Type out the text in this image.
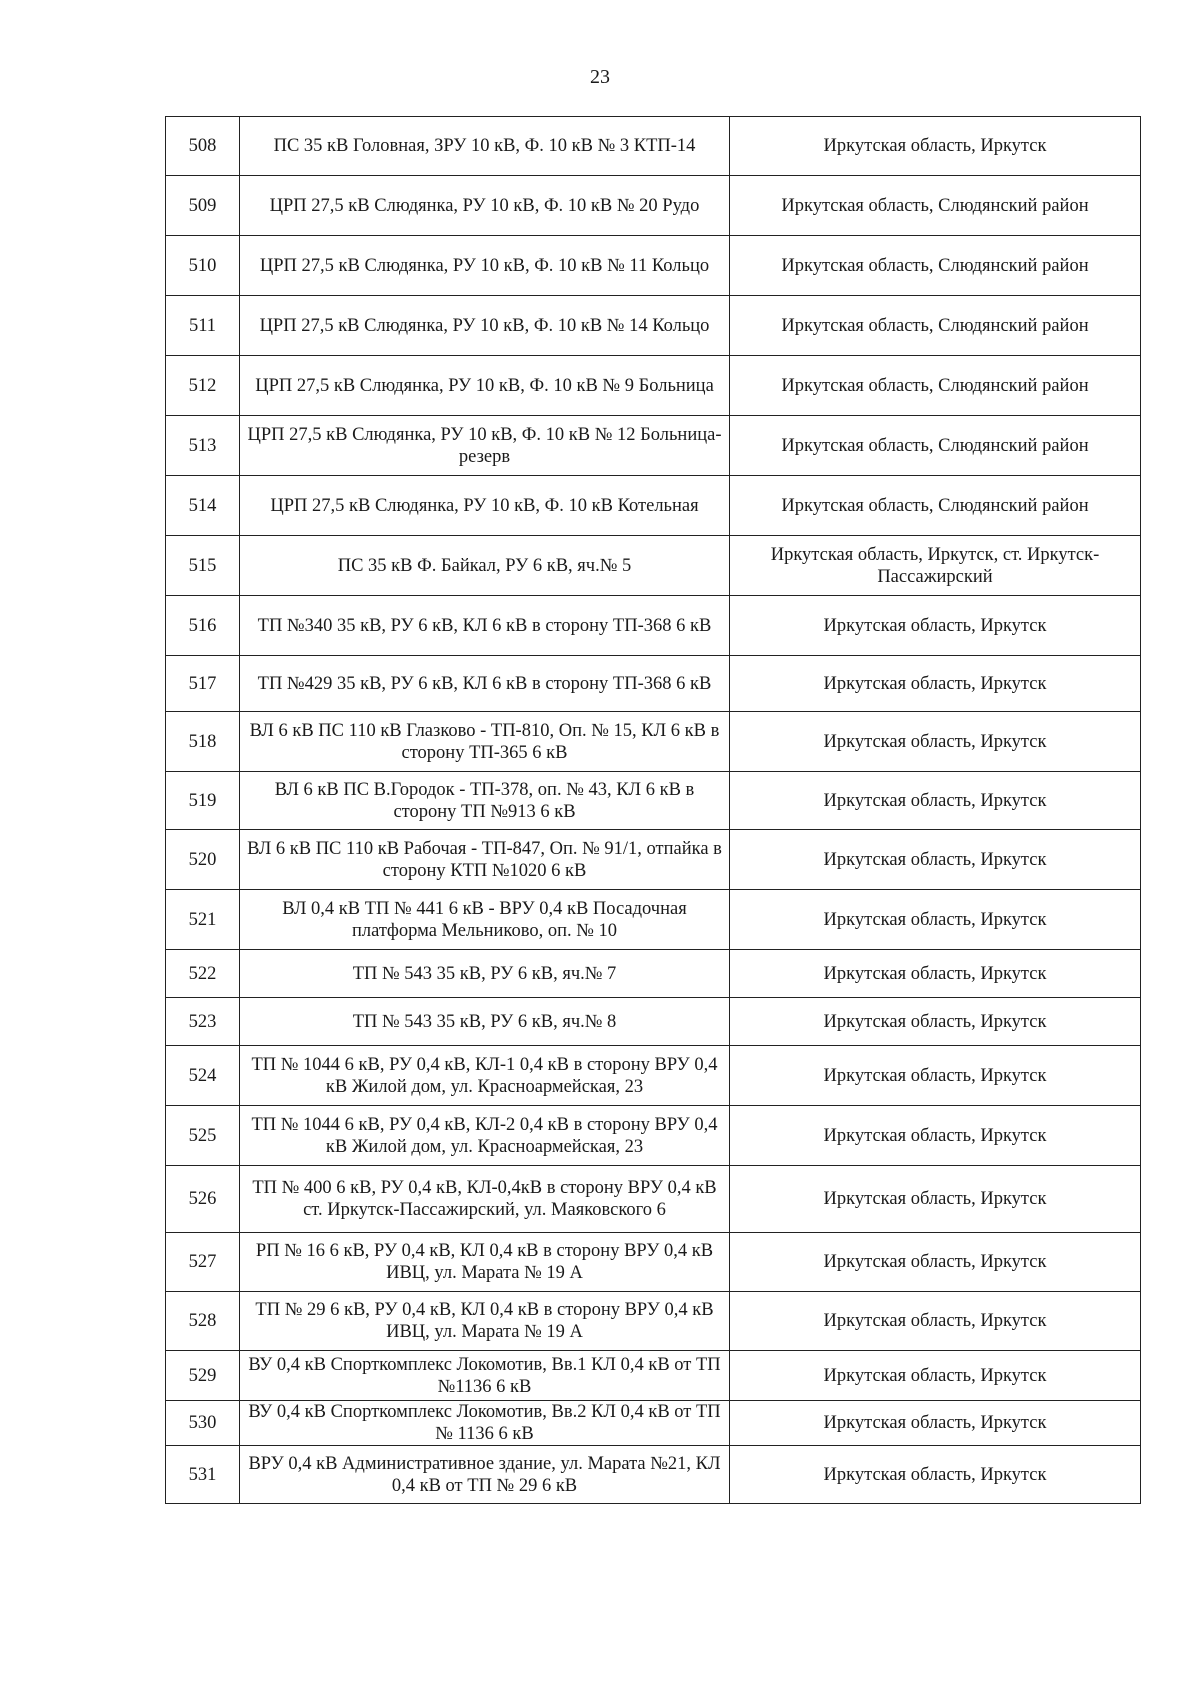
23
508	ПС 35 кВ Головная, ЗРУ 10 кВ, Ф. 10 кВ № 3 КТП-14	Иркутская область, Иркутск
509	ЦРП 27,5 кВ Слюдянка, РУ 10 кВ, Ф. 10 кВ № 20 Рудо	Иркутская область, Слюдянский район
510	ЦРП 27,5 кВ Слюдянка, РУ 10 кВ, Ф. 10 кВ № 11 Кольцо	Иркутская область, Слюдянский район
511	ЦРП 27,5 кВ Слюдянка, РУ 10 кВ, Ф. 10 кВ № 14 Кольцо	Иркутская область, Слюдянский район
512	ЦРП 27,5 кВ Слюдянка, РУ 10 кВ, Ф. 10 кВ № 9 Больница	Иркутская область, Слюдянский район
513	ЦРП 27,5 кВ Слюдянка, РУ 10 кВ, Ф. 10 кВ № 12 Больница-резерв	Иркутская область, Слюдянский район
514	ЦРП 27,5 кВ Слюдянка, РУ 10 кВ, Ф. 10 кВ Котельная	Иркутская область, Слюдянский район
515	ПС 35 кВ Ф. Байкал, РУ 6 кВ, яч.№ 5	Иркутская область, Иркутск, ст. Иркутск-Пассажирский
516	ТП №340 35 кВ, РУ 6 кВ, КЛ 6 кВ в сторону ТП-368 6 кВ	Иркутская область, Иркутск
517	ТП №429 35 кВ, РУ 6 кВ, КЛ 6 кВ в сторону ТП-368 6 кВ	Иркутская область, Иркутск
518	ВЛ 6 кВ ПС 110 кВ Глазково - ТП-810, Оп. № 15, КЛ 6 кВ в сторону ТП-365 6 кВ	Иркутская область, Иркутск
519	ВЛ 6 кВ ПС В.Городок - ТП-378, оп. № 43, КЛ 6 кВ в сторону ТП №913 6 кВ	Иркутская область, Иркутск
520	ВЛ 6 кВ ПС 110 кВ Рабочая - ТП-847, Оп. № 91/1, отпайка в сторону КТП №1020 6 кВ	Иркутская область, Иркутск
521	ВЛ 0,4 кВ ТП № 441 6 кВ - ВРУ 0,4 кВ Посадочная платформа Мельниково, оп. № 10	Иркутская область, Иркутск
522	ТП № 543 35 кВ, РУ 6 кВ, яч.№ 7	Иркутская область, Иркутск
523	ТП № 543 35 кВ, РУ 6 кВ, яч.№ 8	Иркутская область, Иркутск
524	ТП № 1044 6 кВ, РУ 0,4 кВ, КЛ-1 0,4 кВ в сторону ВРУ 0,4 кВ Жилой дом, ул. Красноармейская, 23	Иркутская область, Иркутск
525	ТП № 1044 6 кВ, РУ 0,4 кВ, КЛ-2 0,4 кВ в сторону ВРУ 0,4 кВ Жилой дом, ул. Красноармейская, 23	Иркутская область, Иркутск
526	ТП № 400 6 кВ, РУ 0,4 кВ, КЛ-0,4кВ в сторону ВРУ 0,4 кВ ст. Иркутск-Пассажирский, ул. Маяковского 6	Иркутская область, Иркутск
527	РП № 16 6 кВ, РУ 0,4 кВ, КЛ 0,4 кВ в сторону ВРУ 0,4 кВ ИВЦ, ул. Марата № 19 А	Иркутская область, Иркутск
528	ТП № 29 6 кВ, РУ 0,4 кВ, КЛ 0,4 кВ в сторону ВРУ 0,4 кВ ИВЦ, ул. Марата № 19 А	Иркутская область, Иркутск
529	ВУ 0,4 кВ Спорткомплекс Локомотив, Вв.1 КЛ 0,4 кВ от ТП №1136 6 кВ	Иркутская область, Иркутск
530	ВУ 0,4 кВ Спорткомплекс Локомотив, Вв.2 КЛ 0,4 кВ от ТП № 1136 6 кВ	Иркутская область, Иркутск
531	ВРУ 0,4 кВ Административное здание, ул. Марата №21, КЛ 0,4 кВ от ТП № 29 6 кВ	Иркутская область, Иркутск
